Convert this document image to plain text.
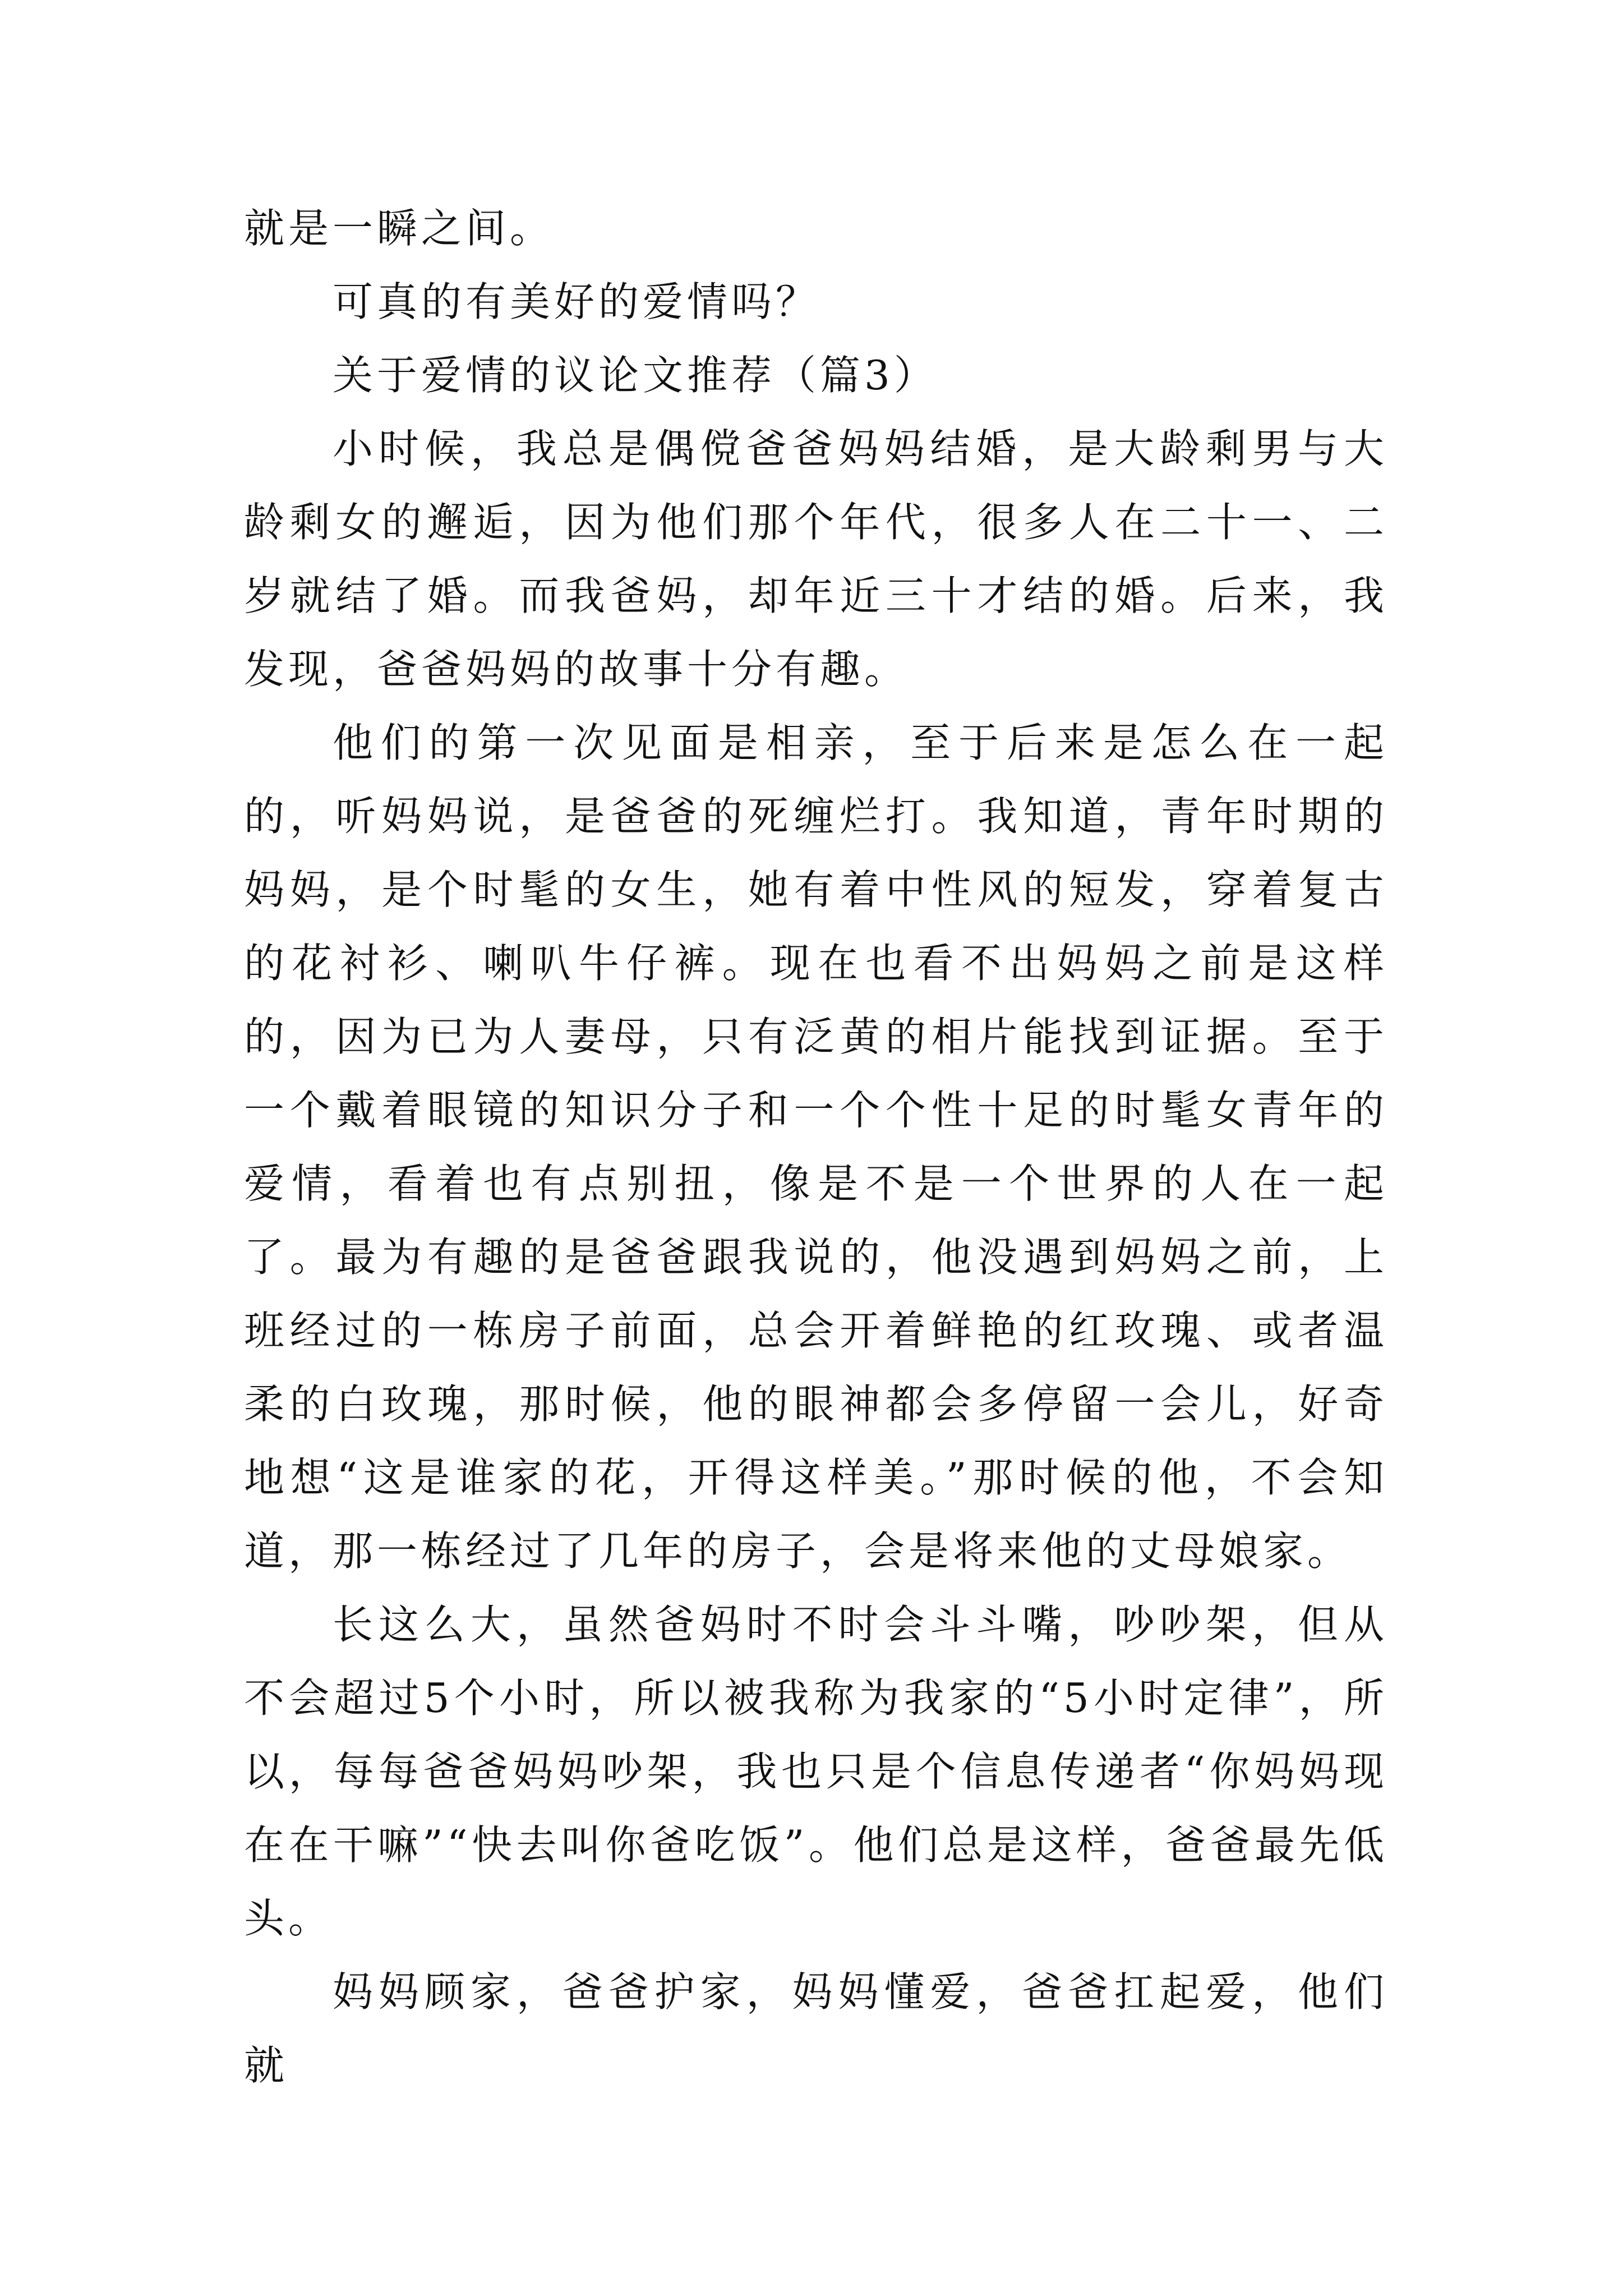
就是一瞬之间。

可真的有美好的爱情吗？

关于爱情的议论文推荐（篇3）

小时候，我总是偶傥爸爸妈妈结婚，是大龄剩男与大龄剩女的邂逅，因为他们那个年代，很多人在二十一、二岁就结了婚。而我爸妈，却年近三十才结的婚。后来，我发现，爸爸妈妈的故事十分有趣。

他们的第一次见面是相亲，至于后来是怎么在一起的，听妈妈说，是爸爸的死缠烂打。我知道，青年时期的妈妈，是个时髦的女生，她有着中性风的短发，穿着复古的花衬衫、喇叭牛仔裤。现在也看不出妈妈之前是这样的，因为已为人妻母，只有泛黄的相片能找到证据。至于一个戴着眼镜的知识分子和一个个性十足的时髦女青年的爱情，看着也有点别扭，像是不是一个世界的人在一起了。最为有趣的是爸爸跟我说的，他没遇到妈妈之前，上班经过的一栋房子前面，总会开着鲜艳的红玫瑰、或者温柔的白玫瑰，那时候，他的眼神都会多停留一会儿，好奇地想“这是谁家的花，开得这样美。”那时候的他，不会知道，那一栋经过了几年的房子，会是将来他的丈母娘家。

长这么大，虽然爸妈时不时会斗斗嘴，吵吵架，但从不会超过5个小时，所以被我称为我家的“5小时定律”，所以，每每爸爸妈妈吵架，我也只是个信息传递者“你妈妈现在在干嘛”“快去叫你爸吃饭”。他们总是这样，爸爸最先低头。

妈妈顾家，爸爸护家，妈妈懂爱，爸爸扛起爱，他们就
